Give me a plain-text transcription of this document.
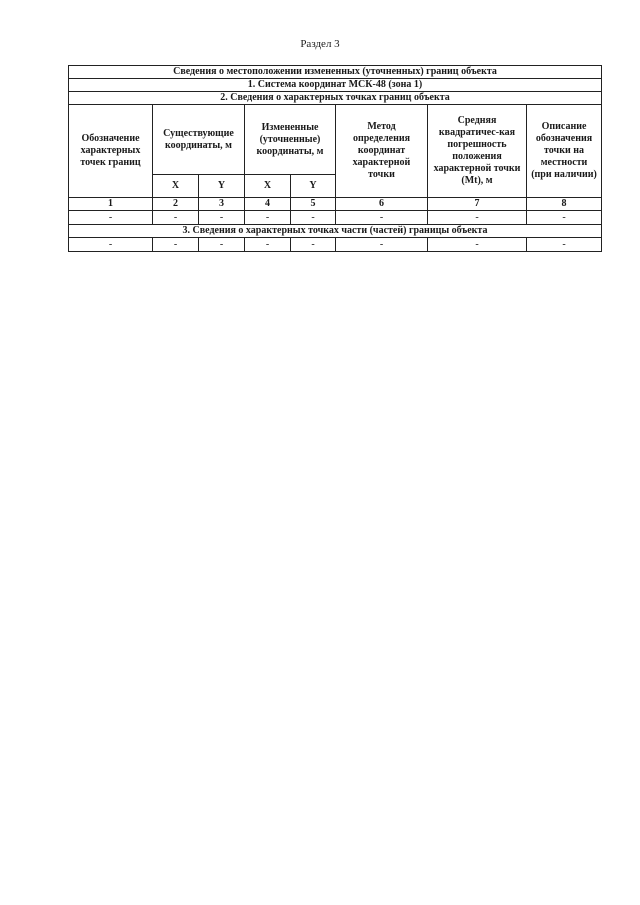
Раздел 3
Сведения о местоположении измененных (уточненных) границ объекта							
1. Система координат МСК-48 (зона 1)							
2. Сведения о характерных точках границ объекта							
Обозначение характерных точек границ	Существующие координаты, м		Измененные (уточненные) координаты, м		Метод определения координат характерной точки	Средняя квадратичес-кая погрешность положения характерной точки (Mt), м	Описание обозначения точки на местности (при наличии)
	X	Y	X	Y			
1	2	3	4	5	6	7	8
-	-	-	-	-	-	-	-
3. Сведения о характерных точках части (частей) границы объекта							
-	-	-	-	-	-	-	-
